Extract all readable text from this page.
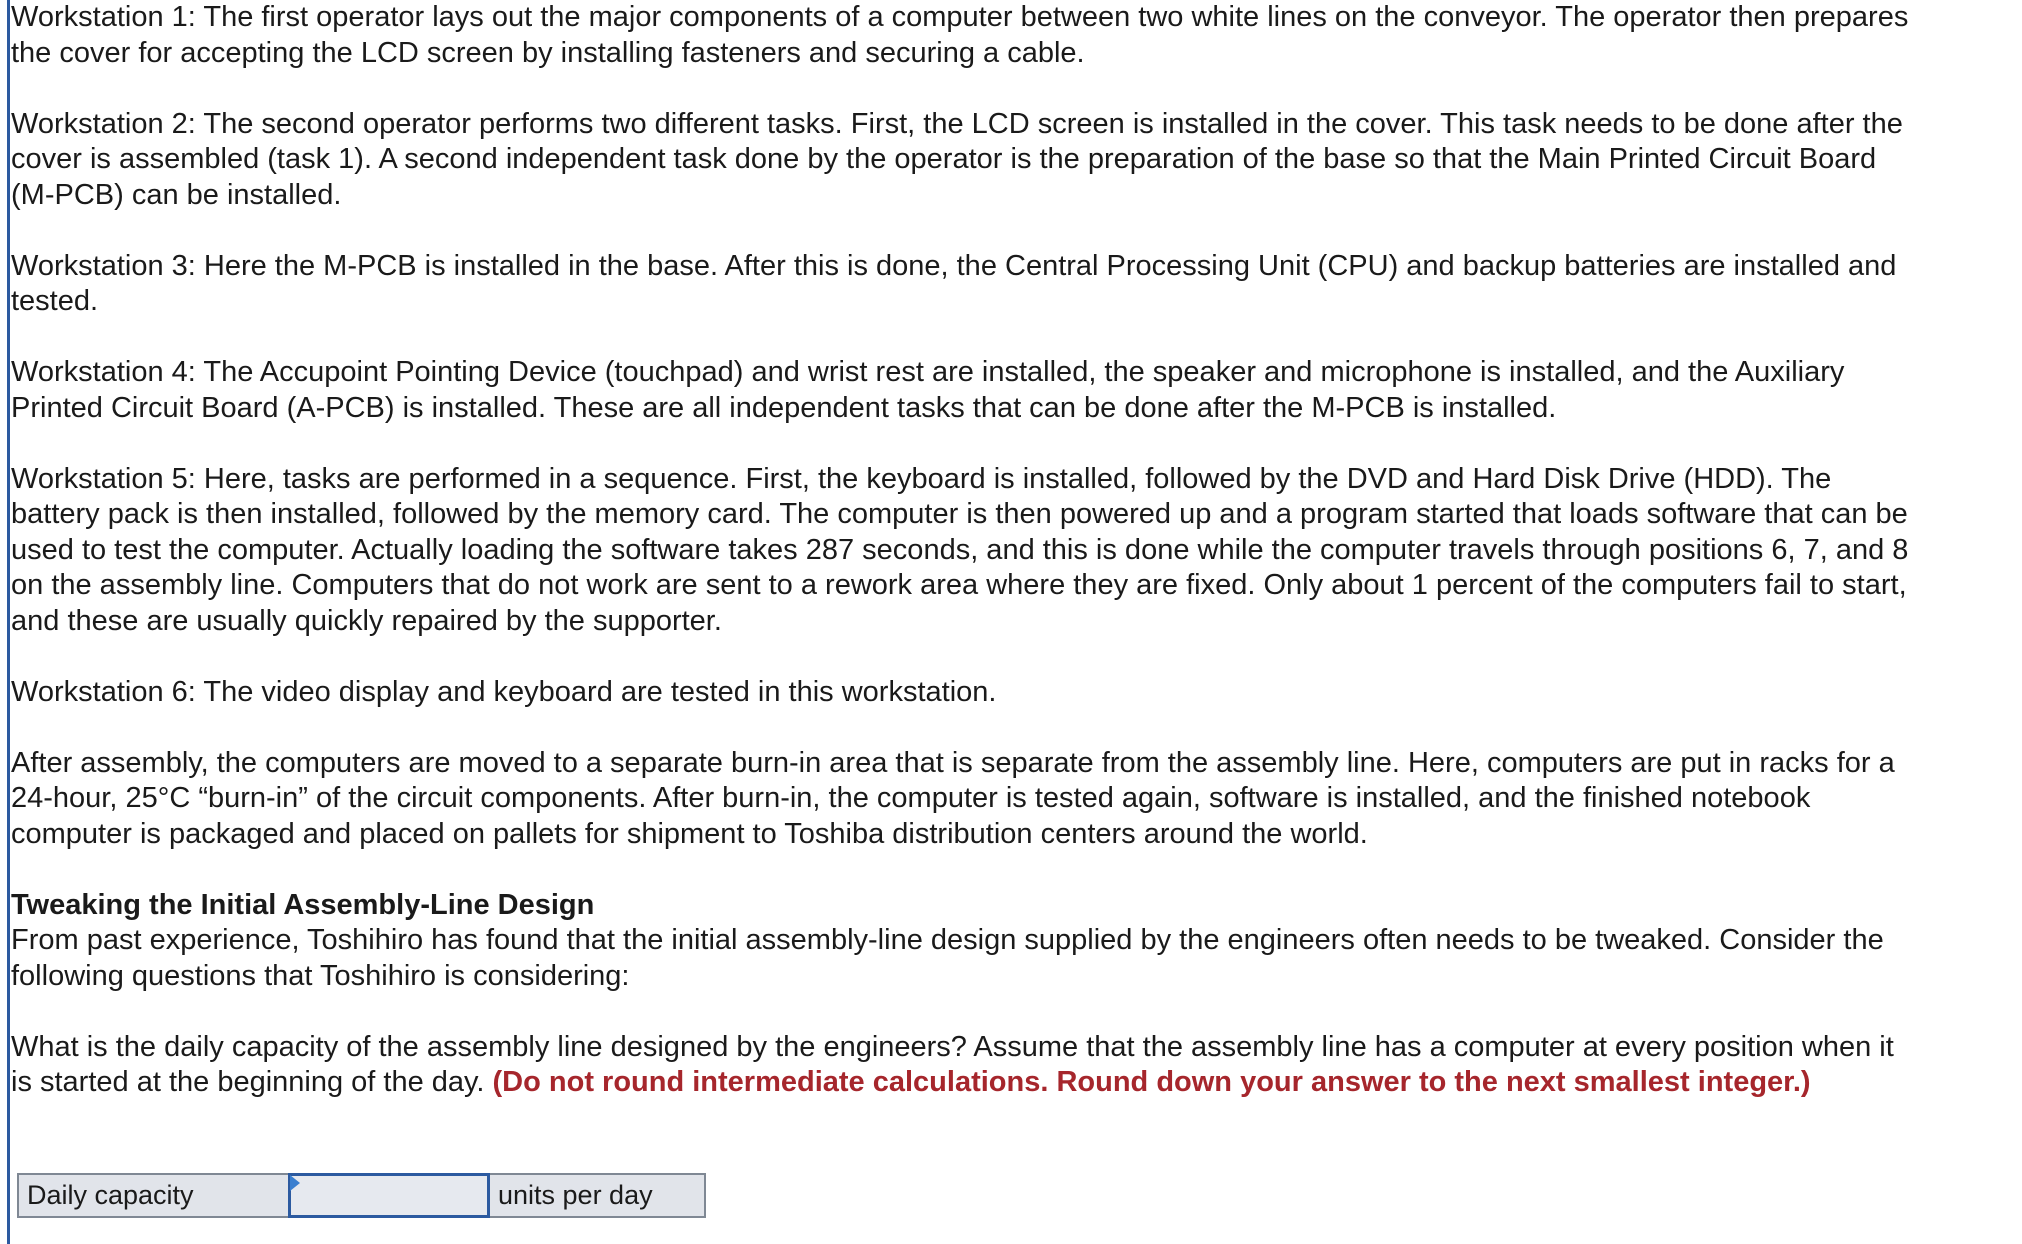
Workstation 1: The first operator lays out the major components of a computer between two white lines on the conveyor. The operator then prepares the cover for accepting the LCD screen by installing fasteners and securing a cable.

Workstation 2: The second operator performs two different tasks. First, the LCD screen is installed in the cover. This task needs to be done after the cover is assembled (task 1). A second independent task done by the operator is the preparation of the base so that the Main Printed Circuit Board (M-PCB) can be installed.

Workstation 3: Here the M-PCB is installed in the base. After this is done, the Central Processing Unit (CPU) and backup batteries are installed and tested.

Workstation 4: The Accupoint Pointing Device (touchpad) and wrist rest are installed, the speaker and microphone is installed, and the Auxiliary Printed Circuit Board (A-PCB) is installed. These are all independent tasks that can be done after the M-PCB is installed.

Workstation 5: Here, tasks are performed in a sequence. First, the keyboard is installed, followed by the DVD and Hard Disk Drive (HDD). The battery pack is then installed, followed by the memory card. The computer is then powered up and a program started that loads software that can be used to test the computer. Actually loading the software takes 287 seconds, and this is done while the computer travels through positions 6, 7, and 8 on the assembly line. Computers that do not work are sent to a rework area where they are fixed. Only about 1 percent of the computers fail to start, and these are usually quickly repaired by the supporter.

Workstation 6: The video display and keyboard are tested in this workstation.

After assembly, the computers are moved to a separate burn-in area that is separate from the assembly line. Here, computers are put in racks for a 24-hour, 25°C “burn-in” of the circuit components. After burn-in, the computer is tested again, software is installed, and the finished notebook computer is packaged and placed on pallets for shipment to Toshiba distribution centers around the world.

Tweaking the Initial Assembly-Line Design
From past experience, Toshihiro has found that the initial assembly-line design supplied by the engineers often needs to be tweaked. Consider the following questions that Toshihiro is considering:

What is the daily capacity of the assembly line designed by the engineers? Assume that the assembly line has a computer at every position when it is started at the beginning of the day. (Do not round intermediate calculations. Round down your answer to the next smallest integer.)

Daily capacity	units per day
